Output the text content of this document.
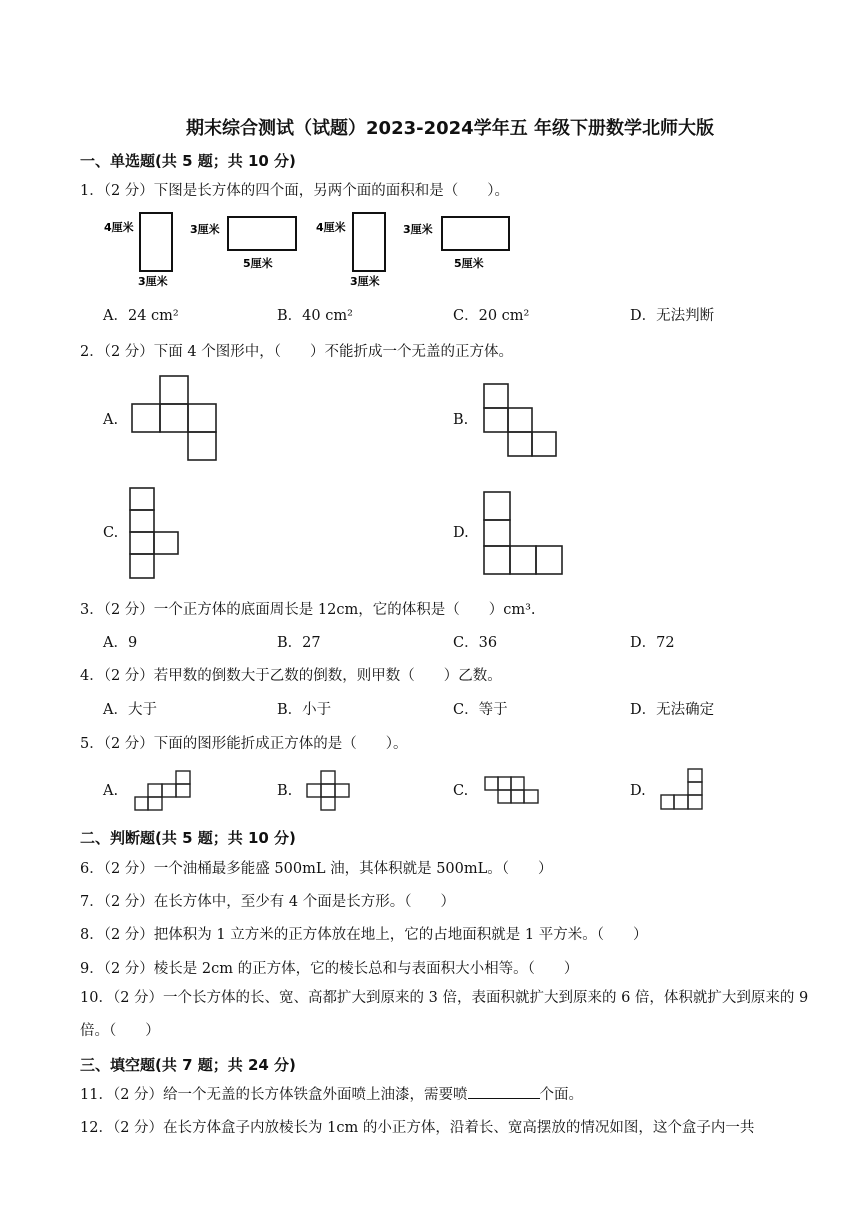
期末综合测试（试题）2023-2024学年五 年级下册数学北师大版
一、单选题(共 5 题；共 10 分)
1．（2 分）下图是长方体的四个面，另两个面的面积和是（　　）。
4厘米
3厘米
3厘米
5厘米
4厘米
3厘米
3厘米
5厘米
A．24 cm²	B．40 cm²	C．20 cm²	D．无法判断
2．（2 分）下面 4 个图形中，（　　）不能折成一个无盖的正方体。
A.	B.
C.	D.
3．（2 分）一个正方体的底面周长是 12cm，它的体积是（　　）cm³.
A．9	B．27	C．36	D．72
4．（2 分）若甲数的倒数大于乙数的倒数，则甲数（　　）乙数。
A．大于	B．小于	C．等于	D．无法确定
5．（2 分）下面的图形能折成正方体的是（　　）。
A.	B.	C.	D.
二、判断题(共 5 题；共 10 分)
6．（2 分）一个油桶最多能盛 500mL 油，其体积就是 500mL。（　　）
7．（2 分）在长方体中，至少有 4 个面是长方形。（　　）
8．（2 分）把体积为 1 立方米的正方体放在地上，它的占地面积就是 1 平方米。（　　）
9．（2 分）棱长是 2cm 的正方体，它的棱长总和与表面积大小相等。（　　）
10．（2 分）一个长方体的长、宽、高都扩大到原来的 3 倍，表面积就扩大到原来的 6 倍，体积就扩大到原来的 9 倍。（　　）
三、填空题(共 7 题；共 24 分)
11．（2 分）给一个无盖的长方体铁盒外面喷上油漆，需要喷	个面。
12．（2 分）在长方体盒子内放棱长为 1cm 的小正方体，沿着长、宽高摆放的情况如图，这个盒子内一共
